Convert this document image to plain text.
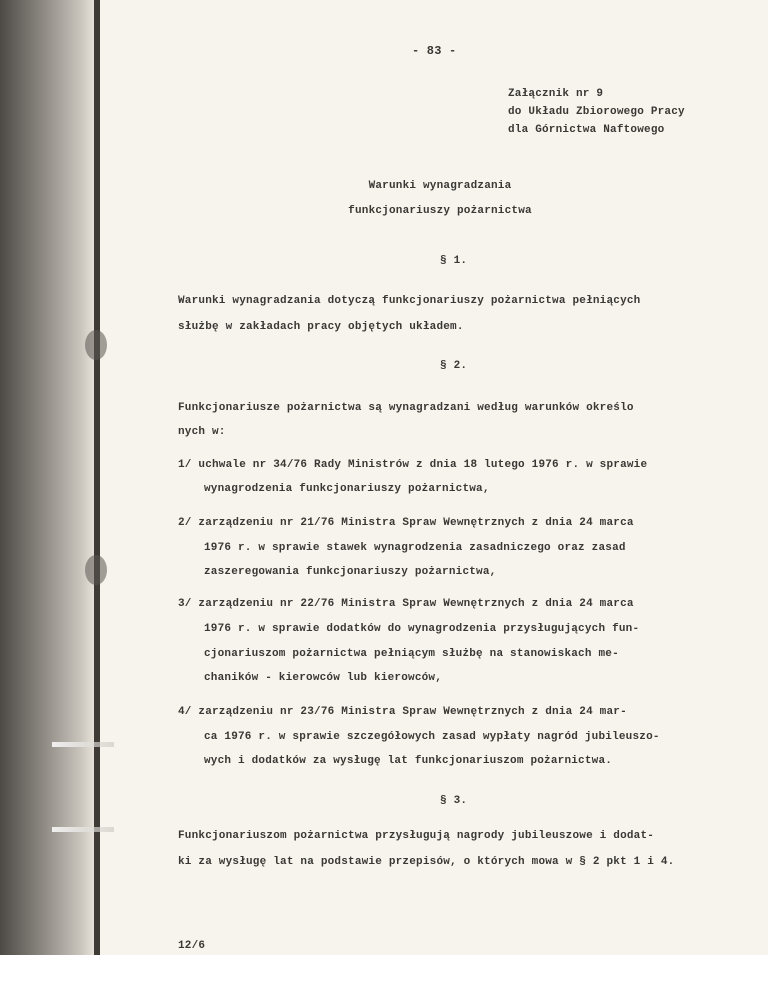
- 83 -
Załącznik nr 9
do Układu Zbiorowego Pracy
dla Górnictwa Naftowego
Warunki wynagradzania
funkcjonariuszy pożarnictwa
§ 1.
Warunki wynagradzania dotyczą funkcjonariuszy pożarnictwa pełniących
służbę w zakładach pracy objętych układem.
§ 2.
Funkcjonariusze pożarnictwa są wynagradzani według warunków określo
nych w:
1/ uchwale nr 34/76 Rady Ministrów z dnia 18 lutego 1976 r. w sprawie
wynagrodzenia funkcjonariuszy pożarnictwa,
2/ zarządzeniu nr 21/76 Ministra Spraw Wewnętrznych z dnia 24 marca
1976 r. w sprawie stawek wynagrodzenia zasadniczego oraz zasad
zaszeregowania funkcjonariuszy pożarnictwa,
3/ zarządzeniu nr 22/76 Ministra Spraw Wewnętrznych z dnia 24 marca
1976 r. w sprawie dodatków do wynagrodzenia przysługujących fun-
cjonariuszom pożarnictwa pełniącym służbę na stanowiskach me-
chaników - kierowców lub kierowców,
4/ zarządzeniu nr 23/76 Ministra Spraw Wewnętrznych z dnia 24 mar-
ca 1976 r. w sprawie szczegółowych zasad wypłaty nagród jubileuszo-
wych i dodatków za wysługę lat funkcjonariuszom pożarnictwa.
§ 3.
Funkcjonariuszom pożarnictwa przysługują nagrody jubileuszowe i dodat-
ki za wysługę lat na podstawie przepisów, o których mowa w § 2 pkt 1 i 4.
12/6
